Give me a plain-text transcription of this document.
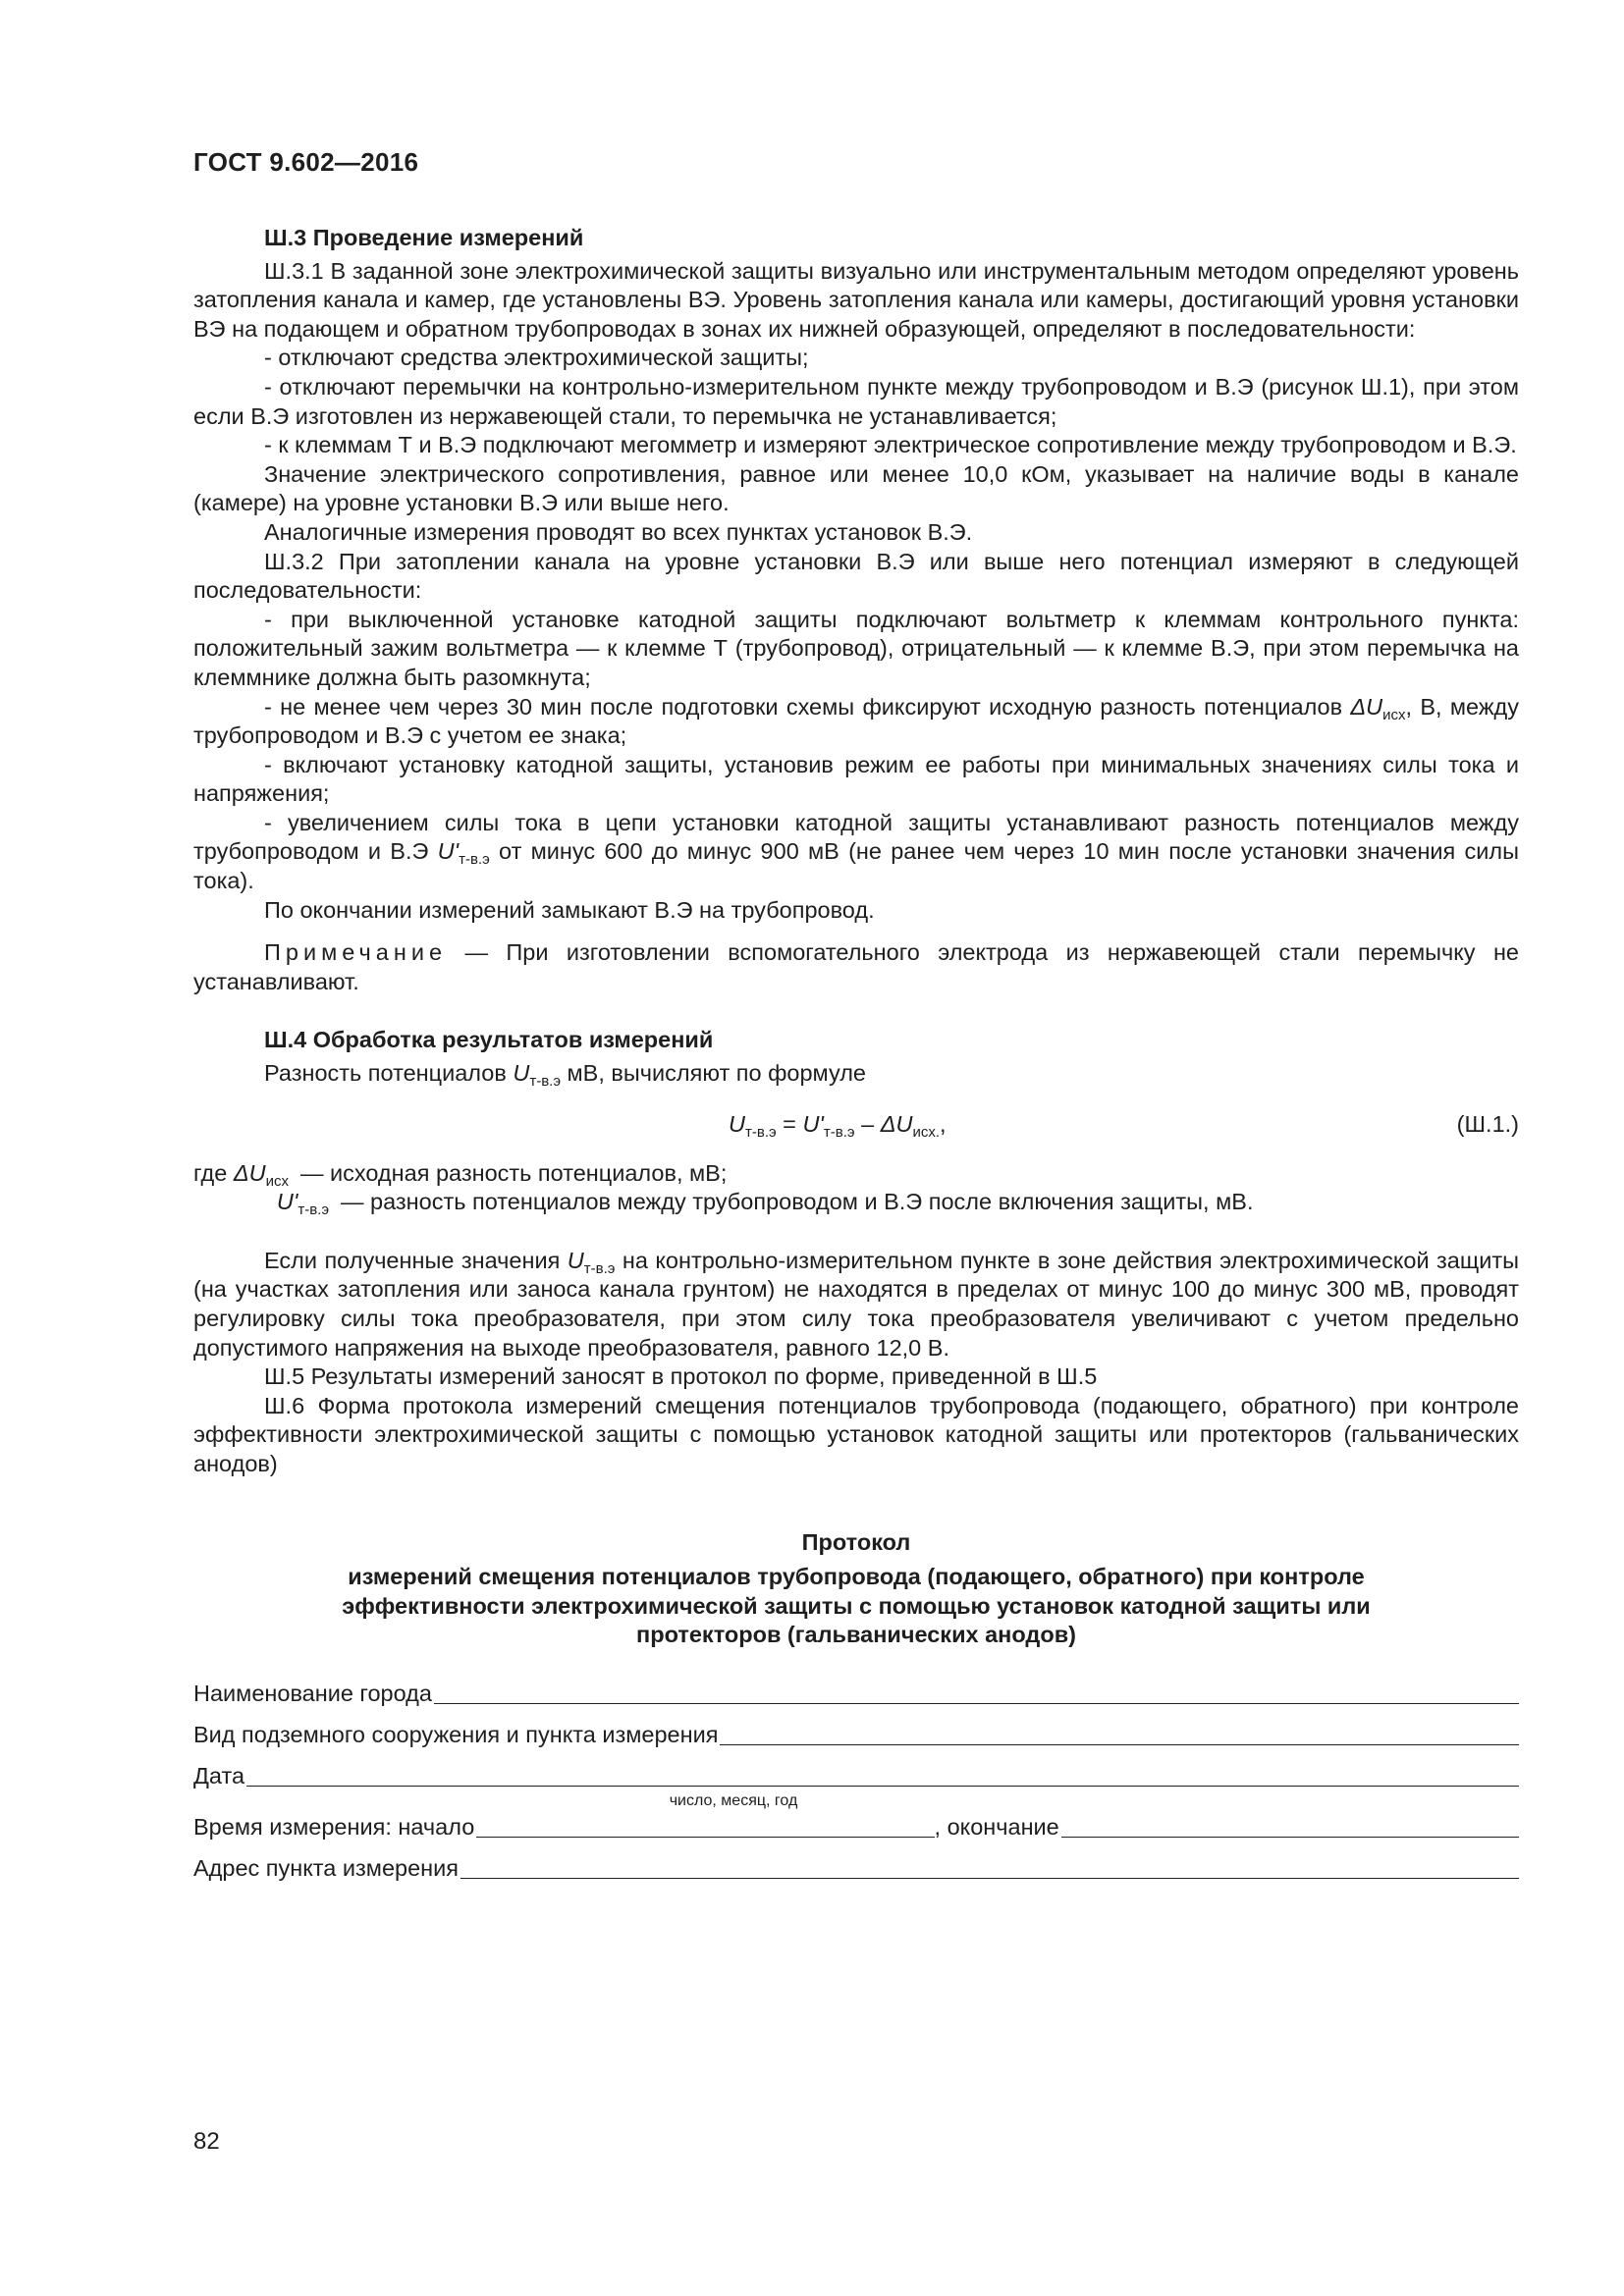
ГОСТ 9.602—2016

Ш.3 Проведение измерений

Ш.3.1 В заданной зоне электрохимической защиты визуально или инструментальным методом определяют уровень затопления канала и камер, где установлены ВЭ. Уровень затопления канала или камеры, достигающий уровня установки ВЭ на подающем и обратном трубопроводах в зонах их нижней образующей, определяют в последовательности:

- отключают средства электрохимической защиты;

- отключают перемычки на контрольно-измерительном пункте между трубопроводом и В.Э (рисунок Ш.1), при этом если В.Э изготовлен из нержавеющей стали, то перемычка не устанавливается;

- к клеммам Т и В.Э подключают мегомметр и измеряют электрическое сопротивление между трубопроводом и В.Э.

Значение электрического сопротивления, равное или менее 10,0 кОм, указывает на наличие воды в канале (камере) на уровне установки В.Э или выше него.

Аналогичные измерения проводят во всех пунктах установок В.Э.

Ш.3.2 При затоплении канала на уровне установки В.Э или выше него потенциал измеряют в следующей последовательности:

- при выключенной установке катодной защиты подключают вольтметр к клеммам контрольного пункта: положительный зажим вольтметра — к клемме Т (трубопровод), отрицательный — к клемме В.Э, при этом перемычка на клеммнике должна быть разомкнута;

- не менее чем через 30 мин после подготовки схемы фиксируют исходную разность потенциалов $\Delta U_{исх}$, В, между трубопроводом и В.Э с учетом ее знака;

- включают установку катодной защиты, установив режим ее работы при минимальных значениях силы тока и напряжения;

- увеличением силы тока в цепи установки катодной защиты устанавливают разность потенциалов между трубопроводом и В.Э $U'_{т-в.э}$ от минус 600 до минус 900 мВ (не ранее чем через 10 мин после установки значения силы тока).

По окончании измерений замыкают В.Э на трубопровод.

Примечание — При изготовлении вспомогательного электрода из нержавеющей стали перемычку не устанавливают.

Ш.4 Обработка результатов измерений

Разность потенциалов $U_{т-в.э}$ мВ, вычисляют по формуле

$U_{т-в.э} = U'_{т-в.э} - \Delta U_{исх.}$,	(Ш.1.)
где $\Delta U_{исх}$ — исходная разность потенциалов, мВ;
$U'_{т-в.э}$ — разность потенциалов между трубопроводом и В.Э после включения защиты, мВ.

Если полученные значения $U_{т-в.э}$ на контрольно-измерительном пункте в зоне действия электрохимической защиты (на участках затопления или заноса канала грунтом) не находятся в пределах от минус 100 до минус 300 мВ, проводят регулировку силы тока преобразователя, при этом силу тока преобразователя увеличивают с учетом предельно допустимого напряжения на выходе преобразователя, равного 12,0 В.

Ш.5 Результаты измерений заносят в протокол по форме, приведенной в Ш.5

Ш.6 Форма протокола измерений смещения потенциалов трубопровода (подающего, обратного) при контроле эффективности электрохимической защиты с помощью установок катодной защиты или протекторов (гальванических анодов)

Протокол
измерений смещения потенциалов трубопровода (подающего, обратного) при контроле эффективности электрохимической защиты с помощью установок катодной защиты или протекторов (гальванических анодов)
Наименование города
Вид подземного сооружения и пункта измерения
Дата
число, месяц, год
Время измерения: начало	, окончание
Адрес пункта измерения
82
